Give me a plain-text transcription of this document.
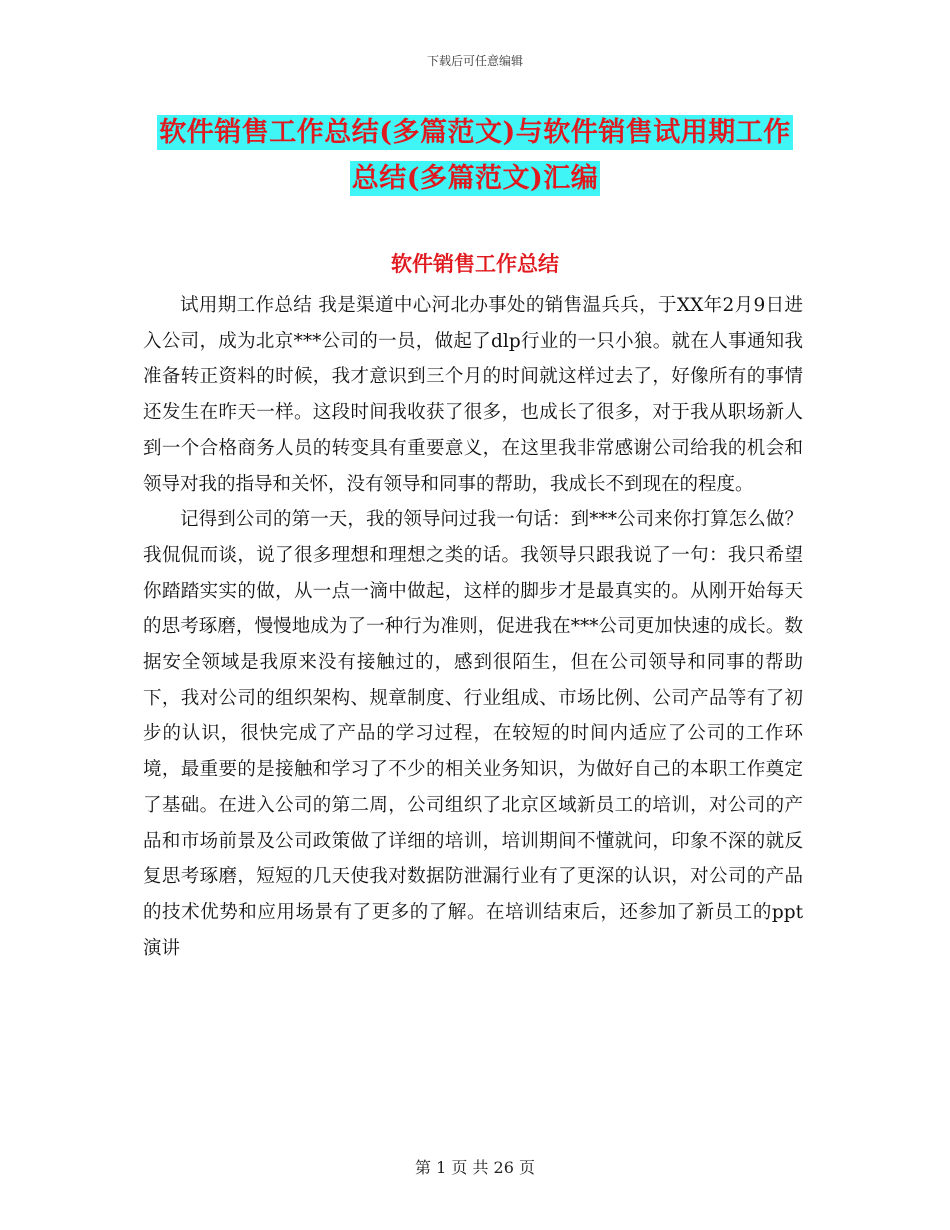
下载后可任意编辑
软件销售工作总结(多篇范文)与软件销售试用期工作
总结(多篇范文)汇编
软件销售工作总结

试用期工作总结 我是渠道中心河北办事处的销售温兵兵，于XX年2月9日进入公司，成为北京***公司的一员，做起了dlp行业的一只小狼。就在人事通知我准备转正资料的时候，我才意识到三个月的时间就这样过去了，好像所有的事情还发生在昨天一样。这段时间我收获了很多，也成长了很多，对于我从职场新人到一个合格商务人员的转变具有重要意义，在这里我非常感谢公司给我的机会和领导对我的指导和关怀，没有领导和同事的帮助，我成长不到现在的程度。

记得到公司的第一天，我的领导问过我一句话：到***公司来你打算怎么做？我侃侃而谈，说了很多理想和理想之类的话。我领导只跟我说了一句：我只希望你踏踏实实的做，从一点一滴中做起，这样的脚步才是最真实的。从刚开始每天的思考琢磨，慢慢地成为了一种行为准则，促进我在***公司更加快速的成长。数据安全领域是我原来没有接触过的，感到很陌生，但在公司领导和同事的帮助下，我对公司的组织架构、规章制度、行业组成、市场比例、公司产品等有了初步的认识，很快完成了产品的学习过程，在较短的时间内适应了公司的工作环境，最重要的是接触和学习了不少的相关业务知识，为做好自己的本职工作奠定了基础。在进入公司的第二周，公司组织了北京区域新员工的培训，对公司的产品和市场前景及公司政策做了详细的培训，培训期间不懂就问，印象不深的就反复思考琢磨，短短的几天使我对数据防泄漏行业有了更深的认识，对公司的产品的技术优势和应用场景有了更多的了解。在培训结束后，还参加了新员工的ppt演讲

第 1 页 共 26 页
